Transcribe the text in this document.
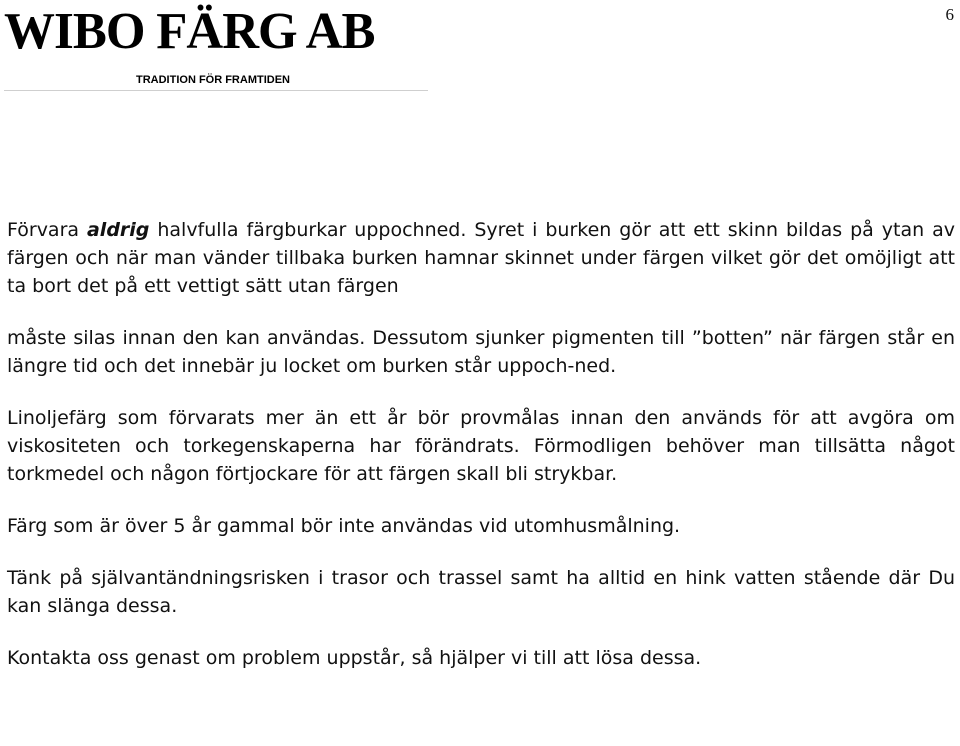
WIBO FÄRG AB
TRADITION FÖR FRAMTIDEN
6

Förvara aldrig halvfulla färgburkar uppochned. Syret i burken gör att ett skinn bildas på ytan av färgen och när man vänder tillbaka burken hamnar skinnet under färgen vilket gör det omöjligt att ta bort det på ett vettigt sätt utan färgen

måste silas innan den kan användas. Dessutom sjunker pigmenten till ”botten” när färgen står en längre tid och det innebär ju locket om burken står uppoch-ned.

Linoljefärg som förvarats mer än ett år bör provmålas innan den används för att avgöra om viskositeten och torkegenskaperna har förändrats. Förmodligen behöver man tillsätta något torkmedel och någon förtjockare för att färgen skall bli strykbar.

Färg som är över 5 år gammal bör inte användas vid utomhusmålning.

Tänk på självantändningsrisken i trasor och trassel samt ha alltid en hink vatten stående där Du kan slänga dessa.

Kontakta oss genast om problem uppstår, så hjälper vi till att lösa dessa.
